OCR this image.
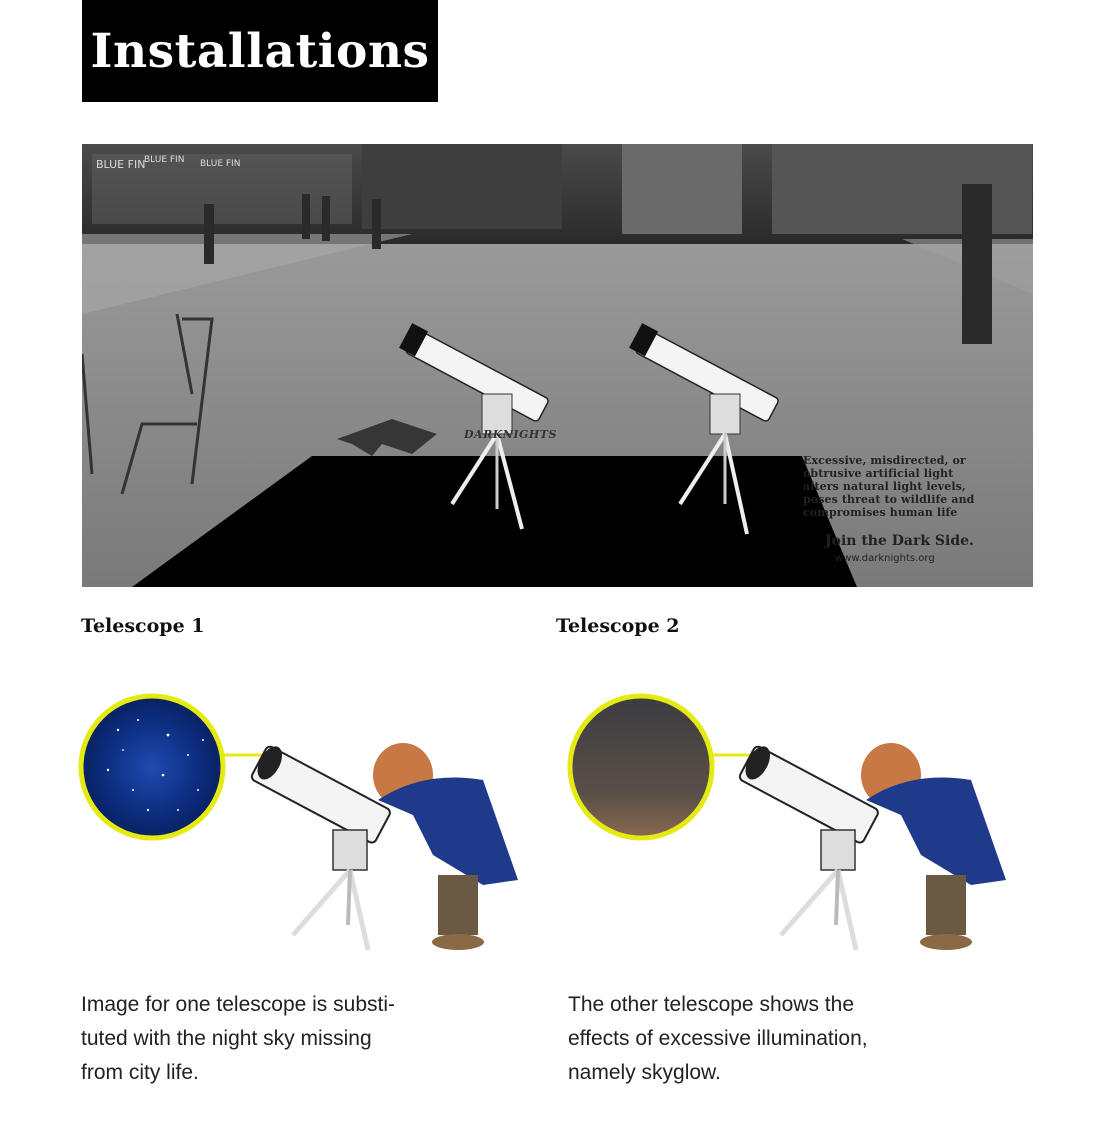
Installations
BLUE FIN
BLUE FIN BLUE FIN
DARKNIGHTS
Excessive, misdirected, or
obtrusive artificial light
alters natural light levels,
poses threat to wildlife and
compromises human life
Join the Dark Side.
www.darknights.org
Telescope 1
Image for one telescope is substi-
tuted with the night sky missing
from city life.
Telescope 2
The other telescope shows the
effects of excessive illumination,
namely skyglow.
